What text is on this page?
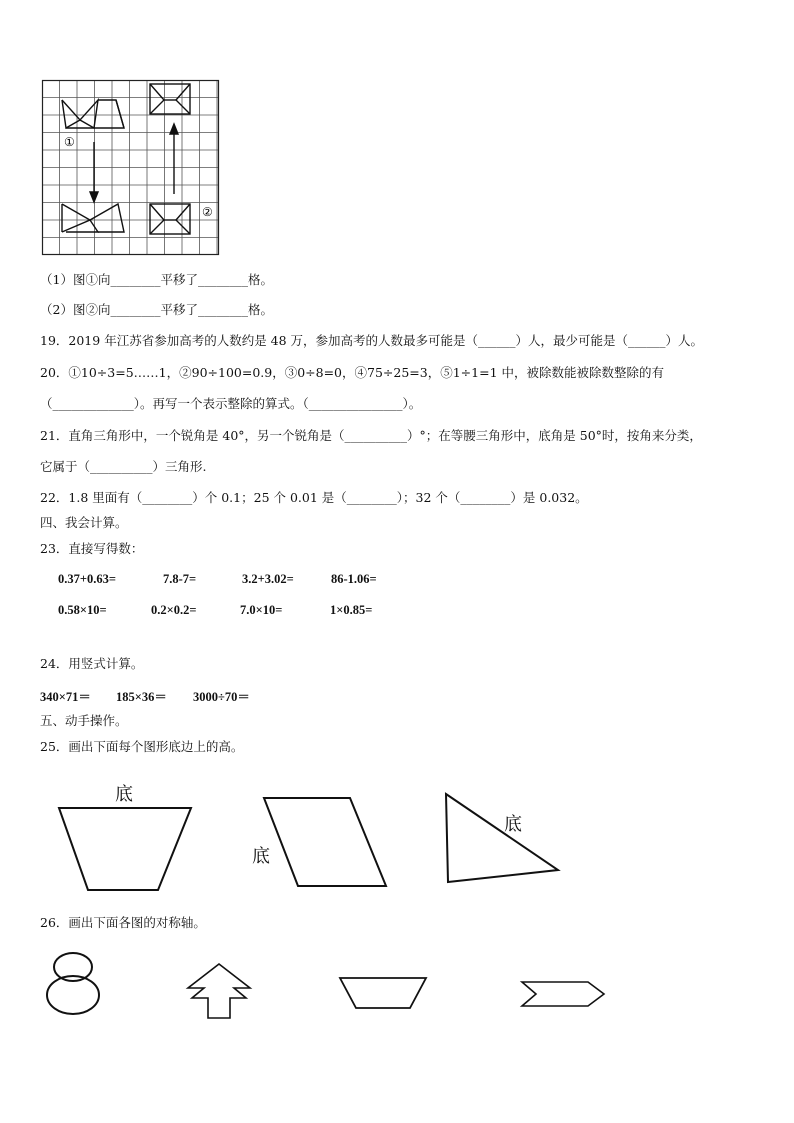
①
②
（1）图①向________平移了________格。
（2）图②向________平移了________格。
19．2019 年江苏省参加高考的人数约是 48 万，参加高考的人数最多可能是（______）人，最少可能是（______）人。
20．①10÷3=5……1，②90÷100=0.9，③0÷8=0，④75÷25=3，⑤1÷1=1 中，被除数能被除数整除的有
（_____________）。再写一个表示整除的算式。（_______________）。
21．直角三角形中，一个锐角是 40°，另一个锐角是（__________）°；在等腰三角形中，底角是 50°时，按角来分类，
它属于（__________）三角形.
22．1.8 里面有（________）个 0.1；25 个 0.01 是（________）；32 个（________）是 0.032。
四、我会计算。
23．直接写得数：
0.37+0.63=	7.8-7=	3.2+3.02=	86-1.06=
0.58×10=	0.2×0.2=	7.0×10=	1×0.85=
24．用竖式计算。
340×71＝ 185×36＝ 3000÷70＝
五、动手操作。
25．画出下面每个图形底边上的高。
底
底
底
26．画出下面各图的对称轴。
